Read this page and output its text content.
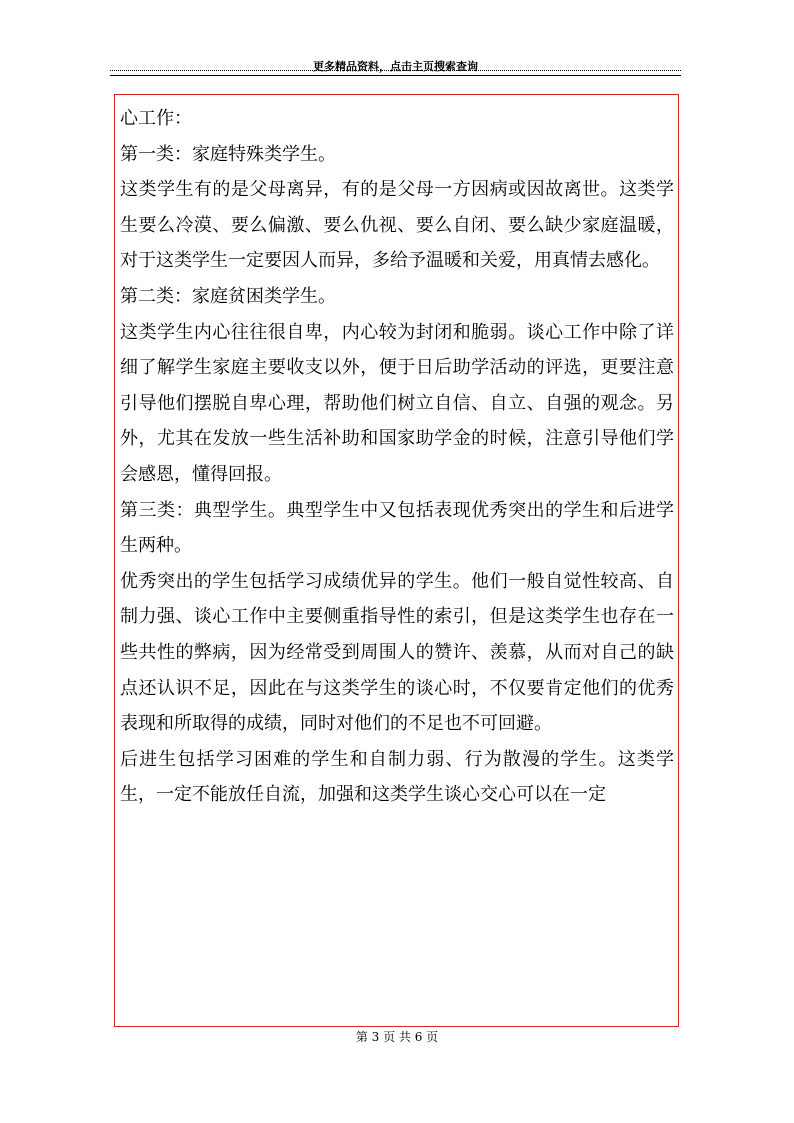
更多精品资料，点击主页搜索查询

心工作：

第一类：家庭特殊类学生。

这类学生有的是父母离异，有的是父母一方因病或因故离世。这类学生要么冷漠、要么偏激、要么仇视、要么自闭、要么缺少家庭温暖，对于这类学生一定要因人而异，多给予温暖和关爱，用真情去感化。

第二类：家庭贫困类学生。

这类学生内心往往很自卑，内心较为封闭和脆弱。谈心工作中除了详细了解学生家庭主要收支以外，便于日后助学活动的评选，更要注意引导他们摆脱自卑心理，帮助他们树立自信、自立、自强的观念。另外，尤其在发放一些生活补助和国家助学金的时候，注意引导他们学会感恩，懂得回报。

第三类：典型学生。典型学生中又包括表现优秀突出的学生和后进学生两种。

优秀突出的学生包括学习成绩优异的学生。他们一般自觉性较高、自制力强、谈心工作中主要侧重指导性的索引，但是这类学生也存在一些共性的弊病，因为经常受到周围人的赞许、羡慕，从而对自己的缺点还认识不足，因此在与这类学生的谈心时，不仅要肯定他们的优秀表现和所取得的成绩，同时对他们的不足也不可回避。

后进生包括学习困难的学生和自制力弱、行为散漫的学生。这类学生，一定不能放任自流，加强和这类学生谈心交心可以在一定

第 3 页 共 6 页
